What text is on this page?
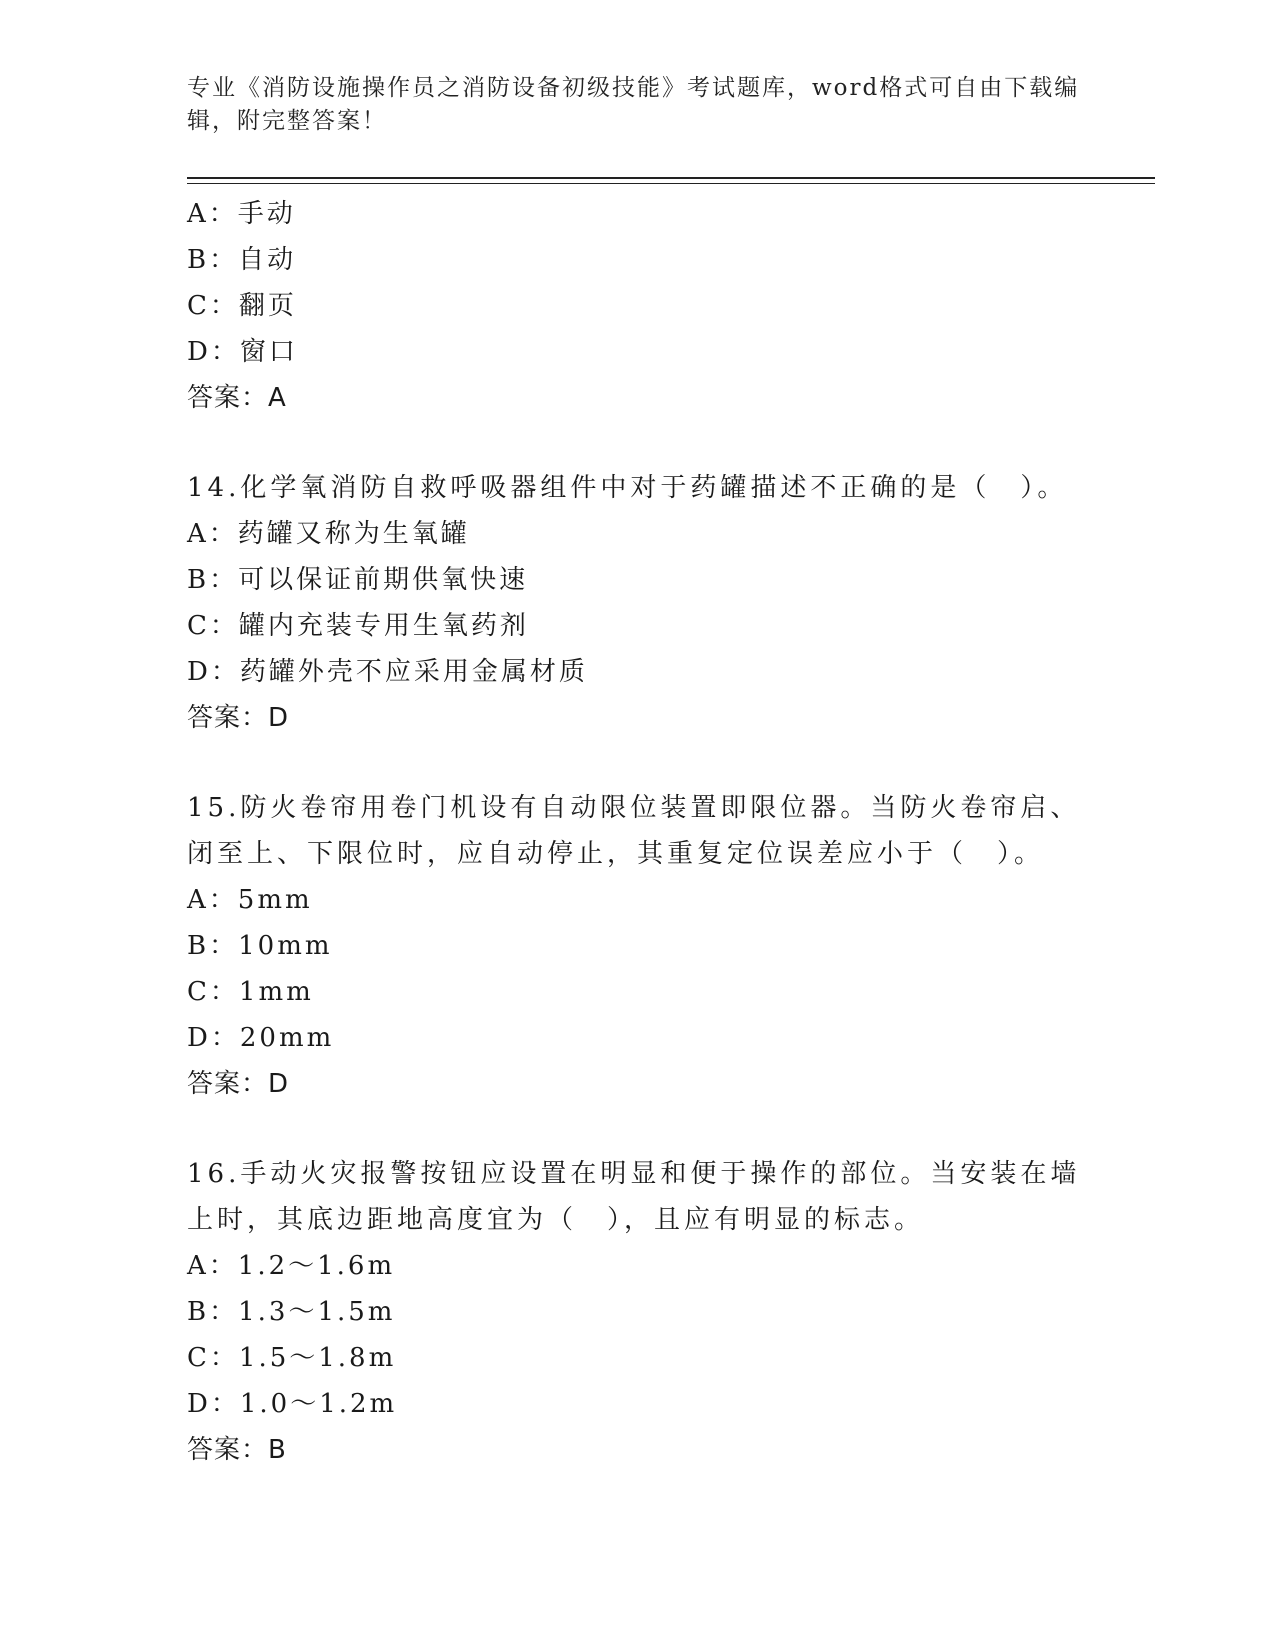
专业《消防设施操作员之消防设备初级技能》考试题库，word格式可自由下载编辑，附完整答案！
A：手动
B：自动
C：翻页
D：窗口
答案：A
14.化学氧消防自救呼吸器组件中对于药罐描述不正确的是（　）。
A：药罐又称为生氧罐
B：可以保证前期供氧快速
C：罐内充装专用生氧药剂
D：药罐外壳不应采用金属材质
答案：D
15.防火卷帘用卷门机设有自动限位装置即限位器。当防火卷帘启、闭至上、下限位时，应自动停止，其重复定位误差应小于（　）。
A：5mm
B：10mm
C：1mm
D：20mm
答案：D
16.手动火灾报警按钮应设置在明显和便于操作的部位。当安装在墙上时，其底边距地高度宜为（　），且应有明显的标志。
A：1.2～1.6m
B：1.3～1.5m
C：1.5～1.8m
D：1.0～1.2m
答案：B
